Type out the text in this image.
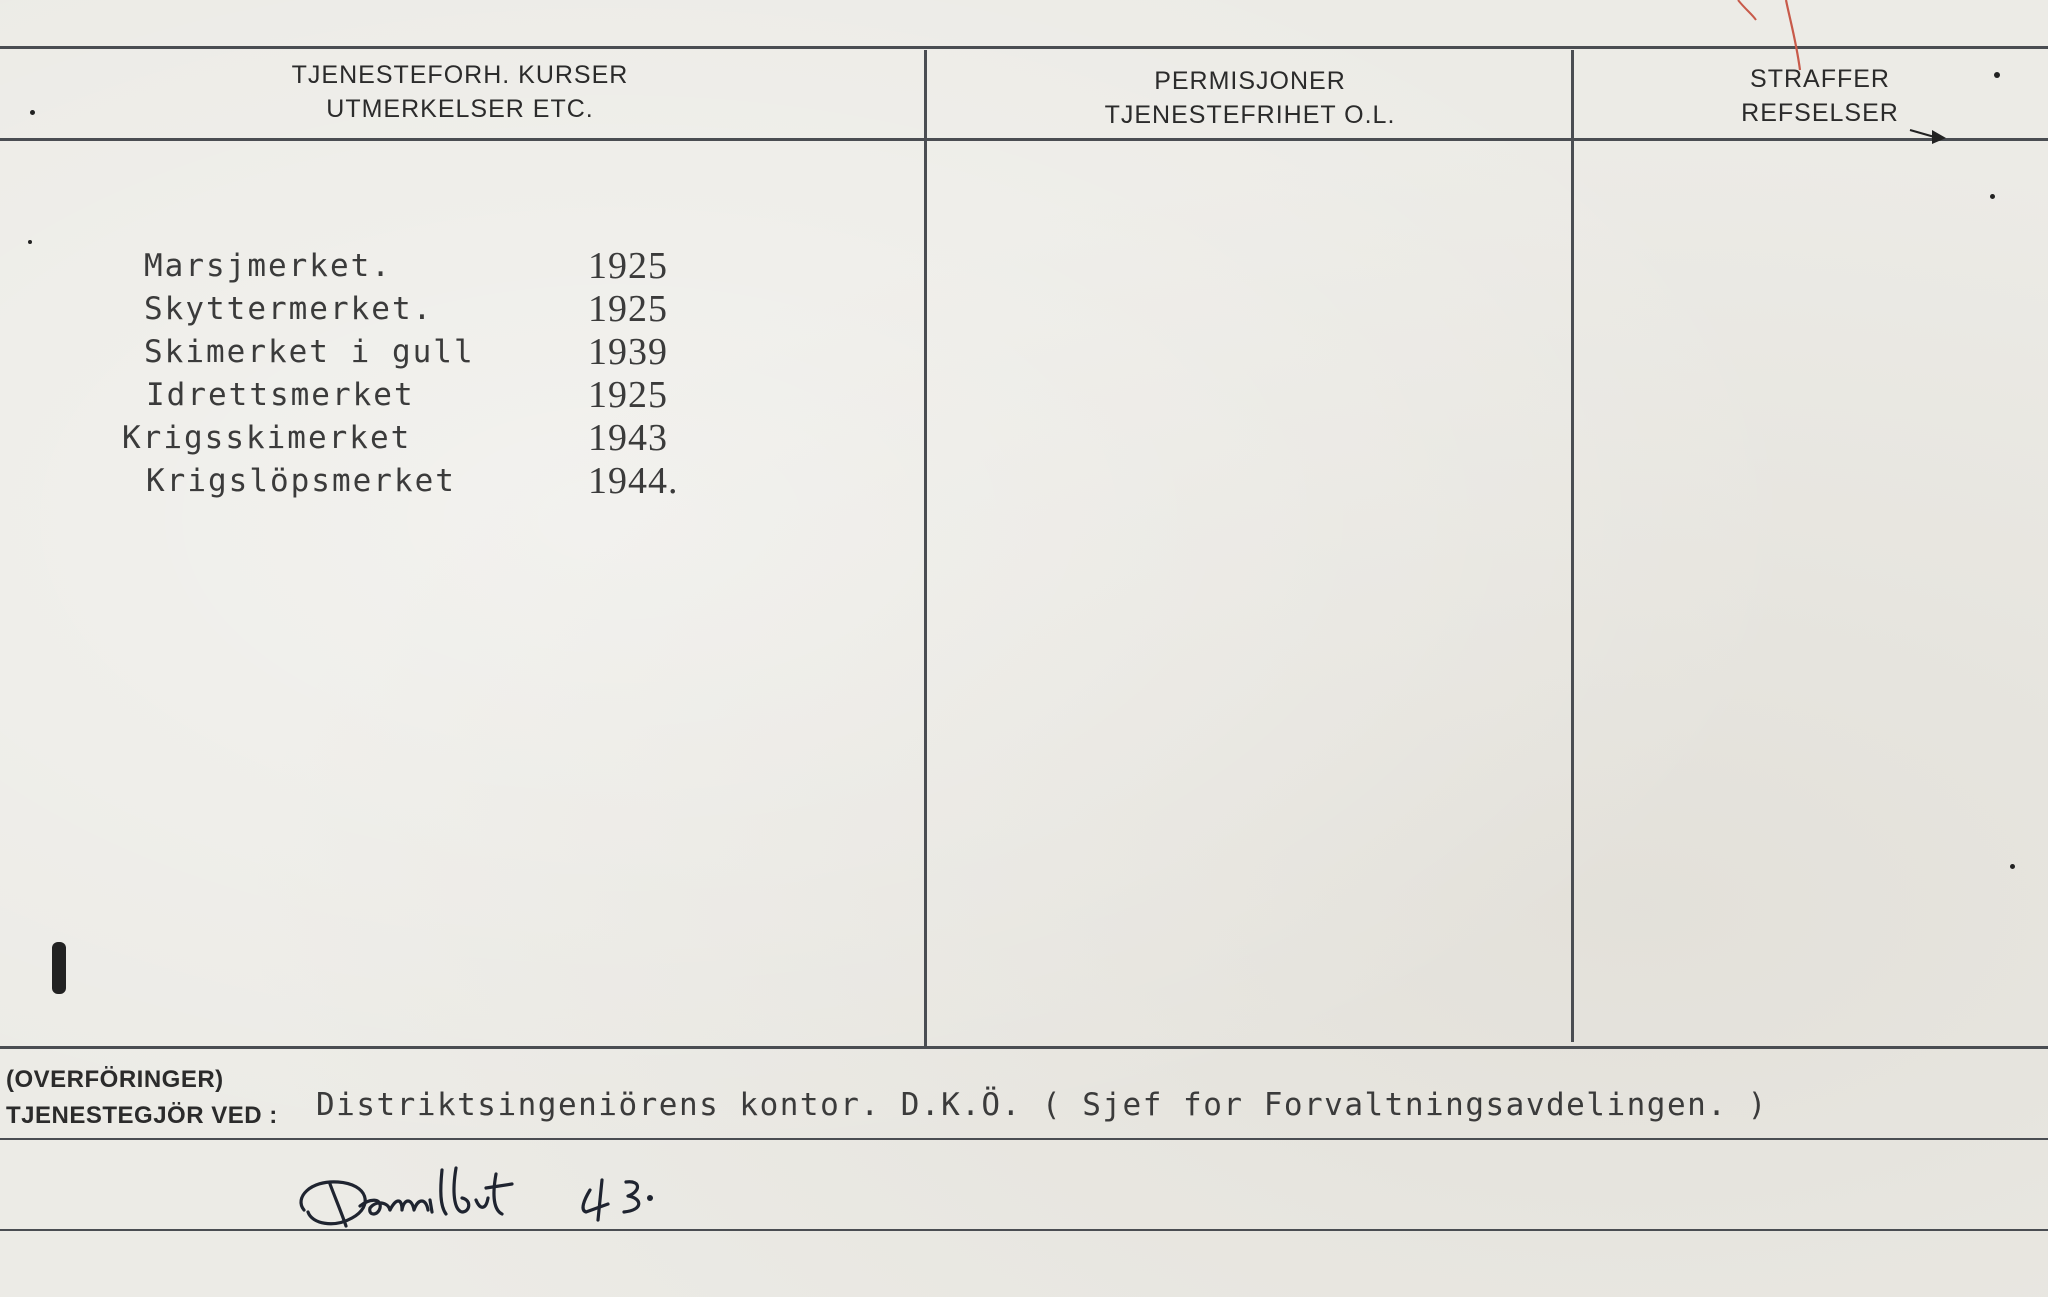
TJENESTEFORH. KURSER
UTMERKELSER ETC.
PERMISJONER
TJENESTEFRIHET O.L.
STRAFFER
REFSELSER
Marsjmerket.	1925
Skyttermerket.	1925
Skimerket i gull	1939
Idrettsmerket	1925
Krigsskimerket	1943
Krigslöpsmerket	1944.
(OVERFÖRINGER)
TJENESTEGJÖR VED : Distriktsingeniörens kontor. D.K.Ö. ( Sjef for Forvaltningsavdelingen. )
